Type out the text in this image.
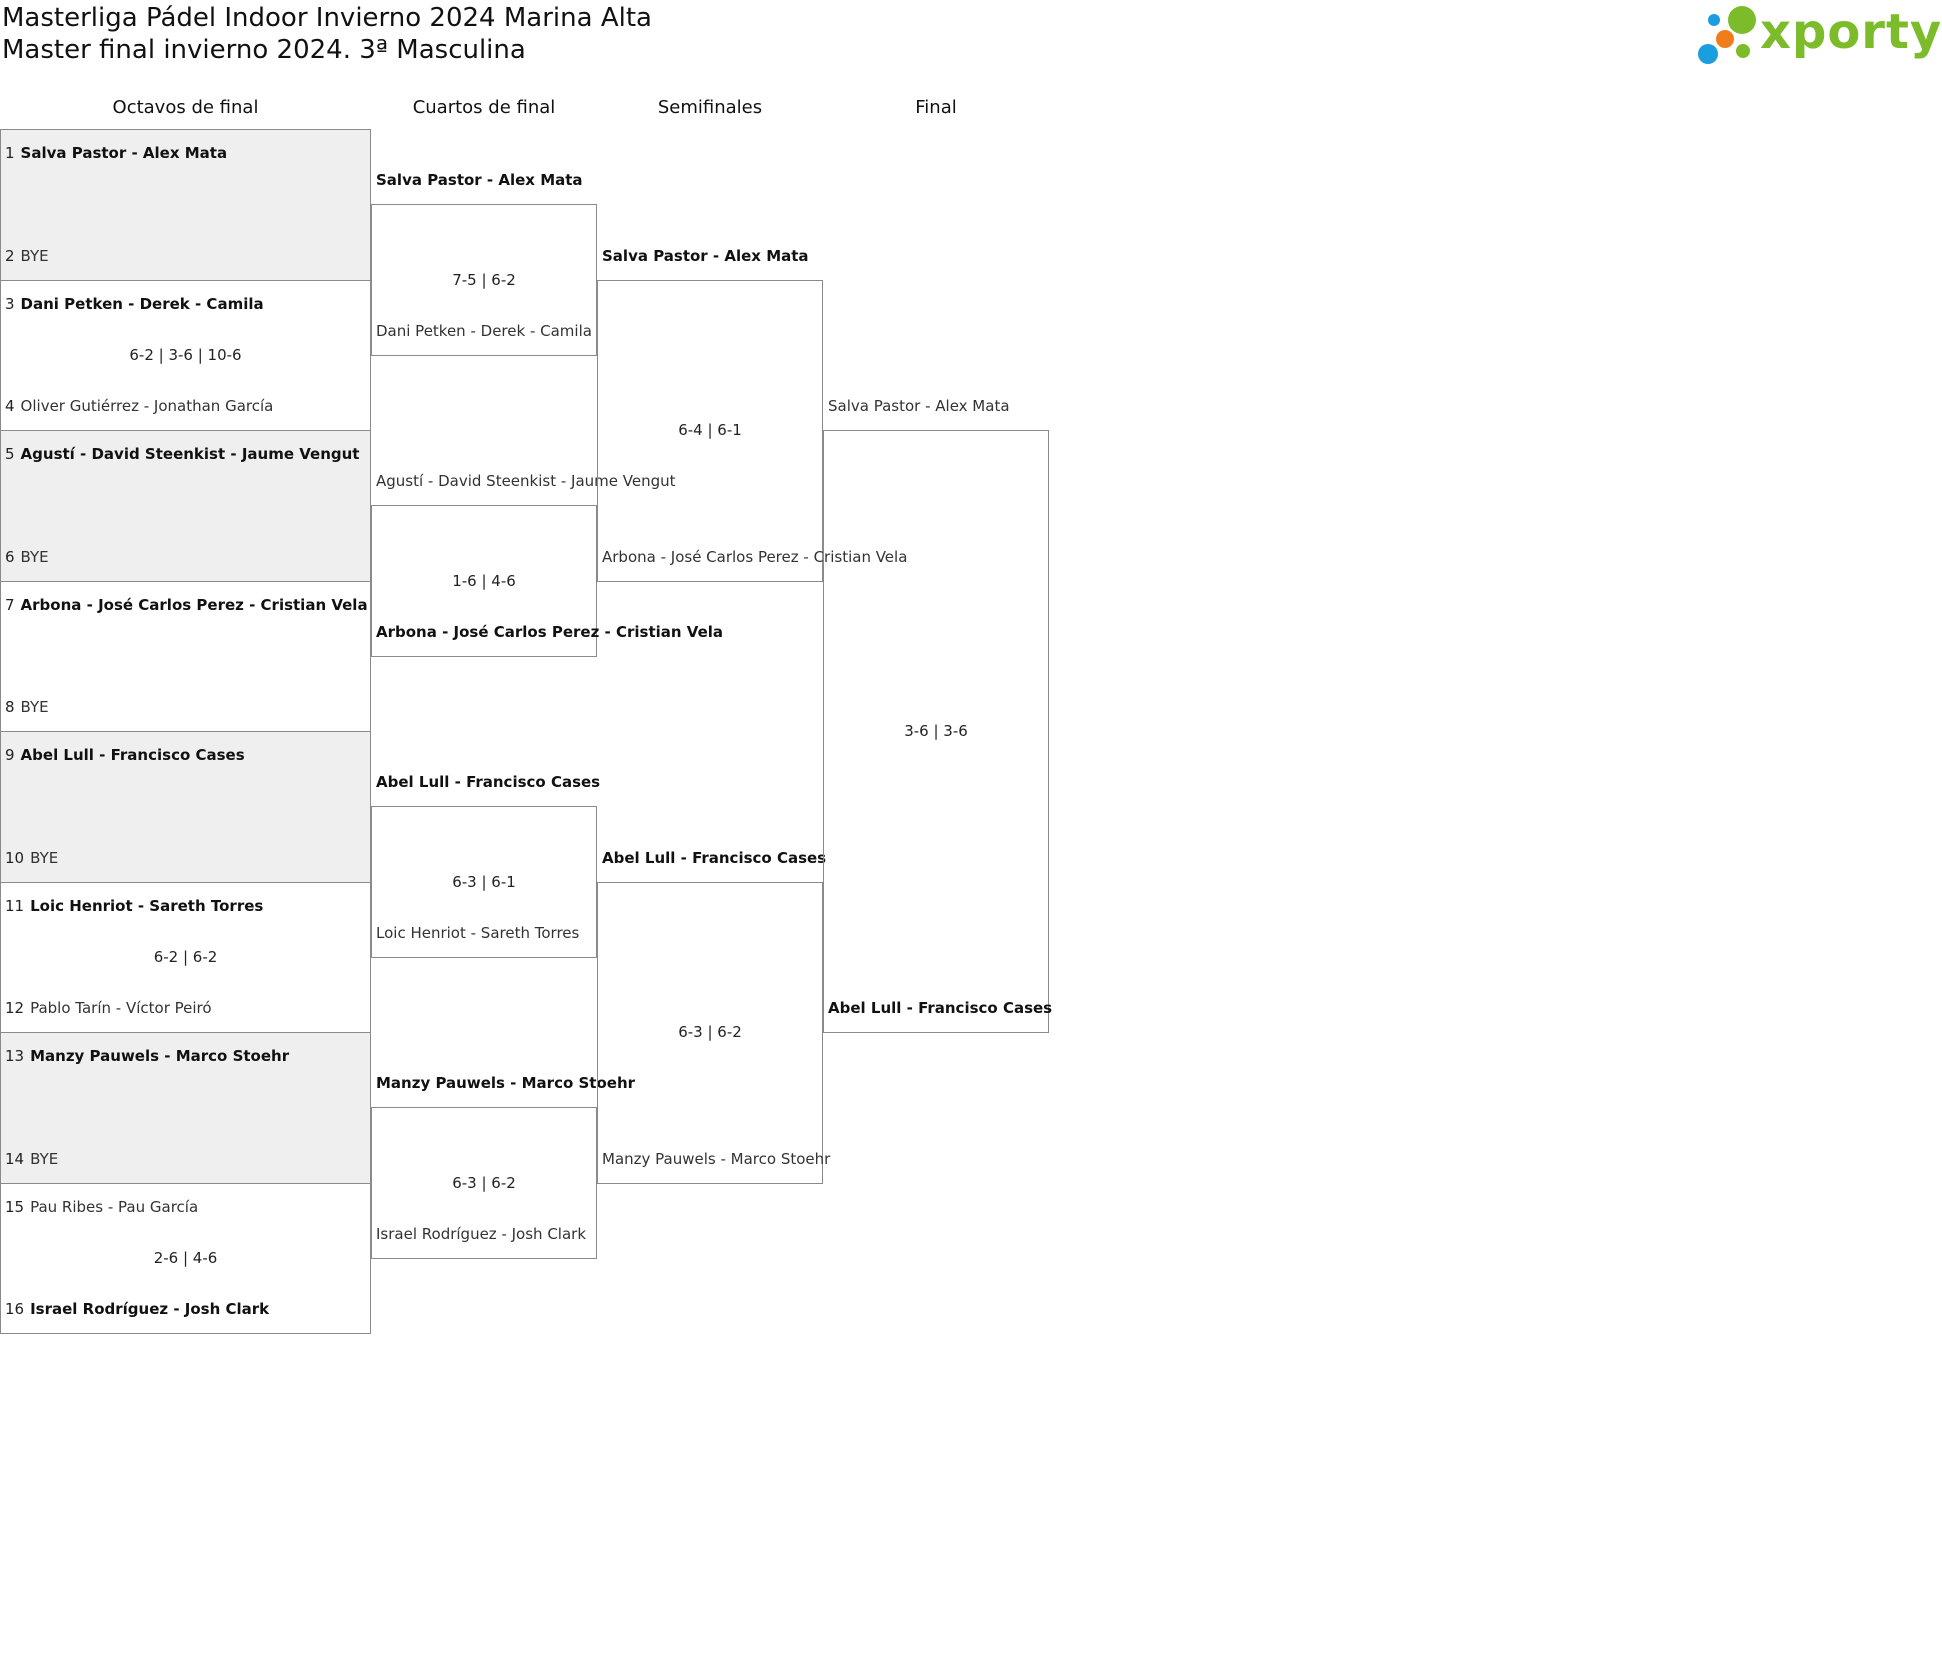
Masterliga Pádel Indoor Invierno 2024 Marina Alta
Master final invierno 2024. 3ª Masculina	xporty
Octavos de final	Cuartos de final	Semifinales	Final
1 Salva Pastor - Alex Mata
2 BYE
3 Dani Petken - Derek - Camila
4 Oliver Gutiérrez - Jonathan García
6-2 | 3-6 | 10-6
5 Agustí - David Steenkist - Jaume Vengut
6 BYE
7 Arbona - José Carlos Perez - Cristian Vela
8 BYE
9 Abel Lull - Francisco Cases
10 BYE
11 Loic Henriot - Sareth Torres
12 Pablo Tarín - Víctor Peiró
6-2 | 6-2
13 Manzy Pauwels - Marco Stoehr
14 BYE
15 Pau Ribes - Pau García
16 Israel Rodríguez - Josh Clark
2-6 | 4-6
Salva Pastor - Alex Mata
Dani Petken - Derek - Camila
7-5 | 6-2
Agustí - David Steenkist - Jaume Vengut
Arbona - José Carlos Perez - Cristian Vela
1-6 | 4-6
Abel Lull - Francisco Cases
Loic Henriot - Sareth Torres
6-3 | 6-1
Manzy Pauwels - Marco Stoehr
Israel Rodríguez - Josh Clark
6-3 | 6-2
Salva Pastor - Alex Mata
Arbona - José Carlos Perez - Cristian Vela
6-4 | 6-1
Abel Lull - Francisco Cases
Manzy Pauwels - Marco Stoehr
6-3 | 6-2
Salva Pastor - Alex Mata
Abel Lull - Francisco Cases
3-6 | 3-6
